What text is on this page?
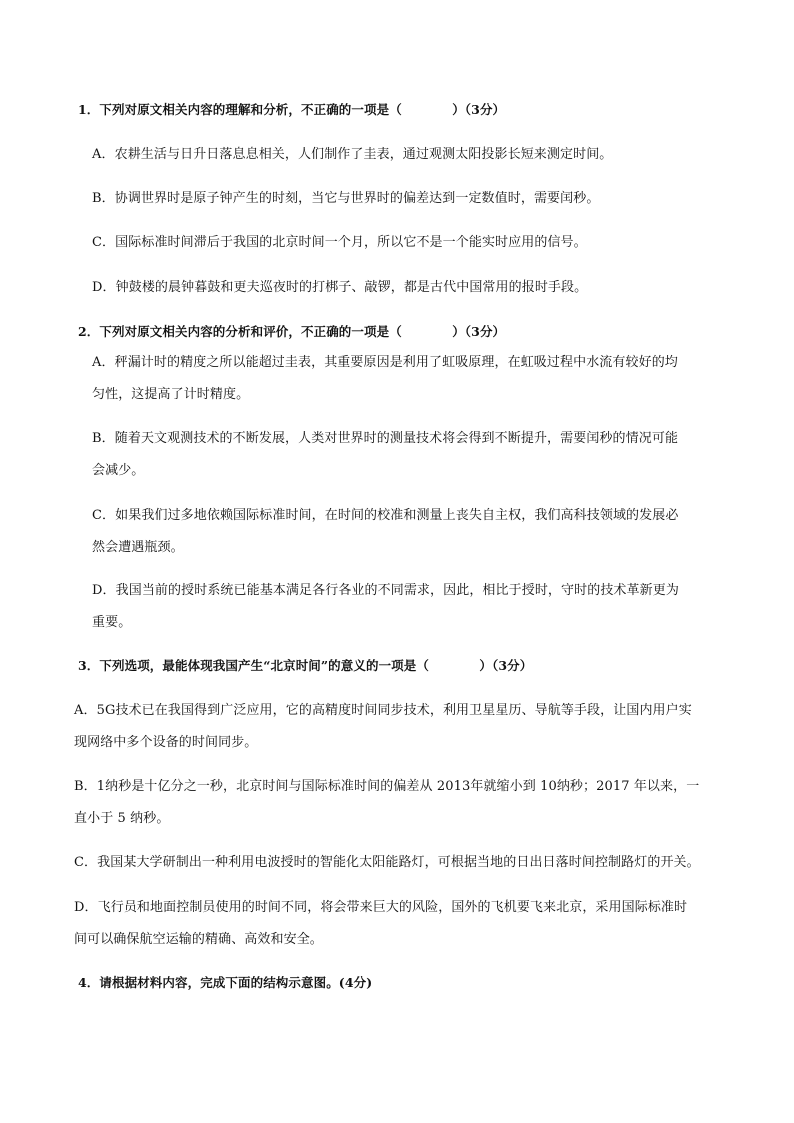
1．下列对原文相关内容的理解和分析，不正确的一项是（　　　　）（3分）
A．农耕生活与日升日落息息相关，人们制作了圭表，通过观测太阳投影长短来测定时间。
B．协调世界时是原子钟产生的时刻，当它与世界时的偏差达到一定数值时，需要闰秒。
C．国际标准时间滞后于我国的北京时间一个月，所以它不是一个能实时应用的信号。
D．钟鼓楼的晨钟暮鼓和更夫巡夜时的打梆子、敲锣，都是古代中国常用的报时手段。
2．下列对原文相关内容的分析和评价，不正确的一项是（　　　　）（3分）
A．秤漏计时的精度之所以能超过圭表，其重要原因是利用了虹吸原理，在虹吸过程中水流有较好的均
匀性，这提高了计时精度。
B．随着天文观测技术的不断发展，人类对世界时的测量技术将会得到不断提升，需要闰秒的情况可能
会减少。
C．如果我们过多地依赖国际标准时间，在时间的校准和测量上丧失自主权，我们高科技领域的发展必
然会遭遇瓶颈。
D．我国当前的授时系统已能基本满足各行各业的不同需求，因此，相比于授时，守时的技术革新更为
重要。
3．下列选项，最能体现我国产生“北京时间”的意义的一项是（　　　　）（3分）
A．5G技术已在我国得到广泛应用，它的高精度时间同步技术，利用卫星星历、导航等手段，让国内用户实
现网络中多个设备的时间同步。
B．1纳秒是十亿分之一秒，北京时间与国际标准时间的偏差从 2013年就缩小到 10纳秒；2017 年以来，一
直小于 5 纳秒。
C．我国某大学研制出一种利用电波授时的智能化太阳能路灯，可根据当地的日出日落时间控制路灯的开关。
D．飞行员和地面控制员使用的时间不同，将会带来巨大的风险，国外的飞机要飞来北京，采用国际标准时
间可以确保航空运输的精确、高效和安全。
4．请根据材料内容，完成下面的结构示意图。(4分)
